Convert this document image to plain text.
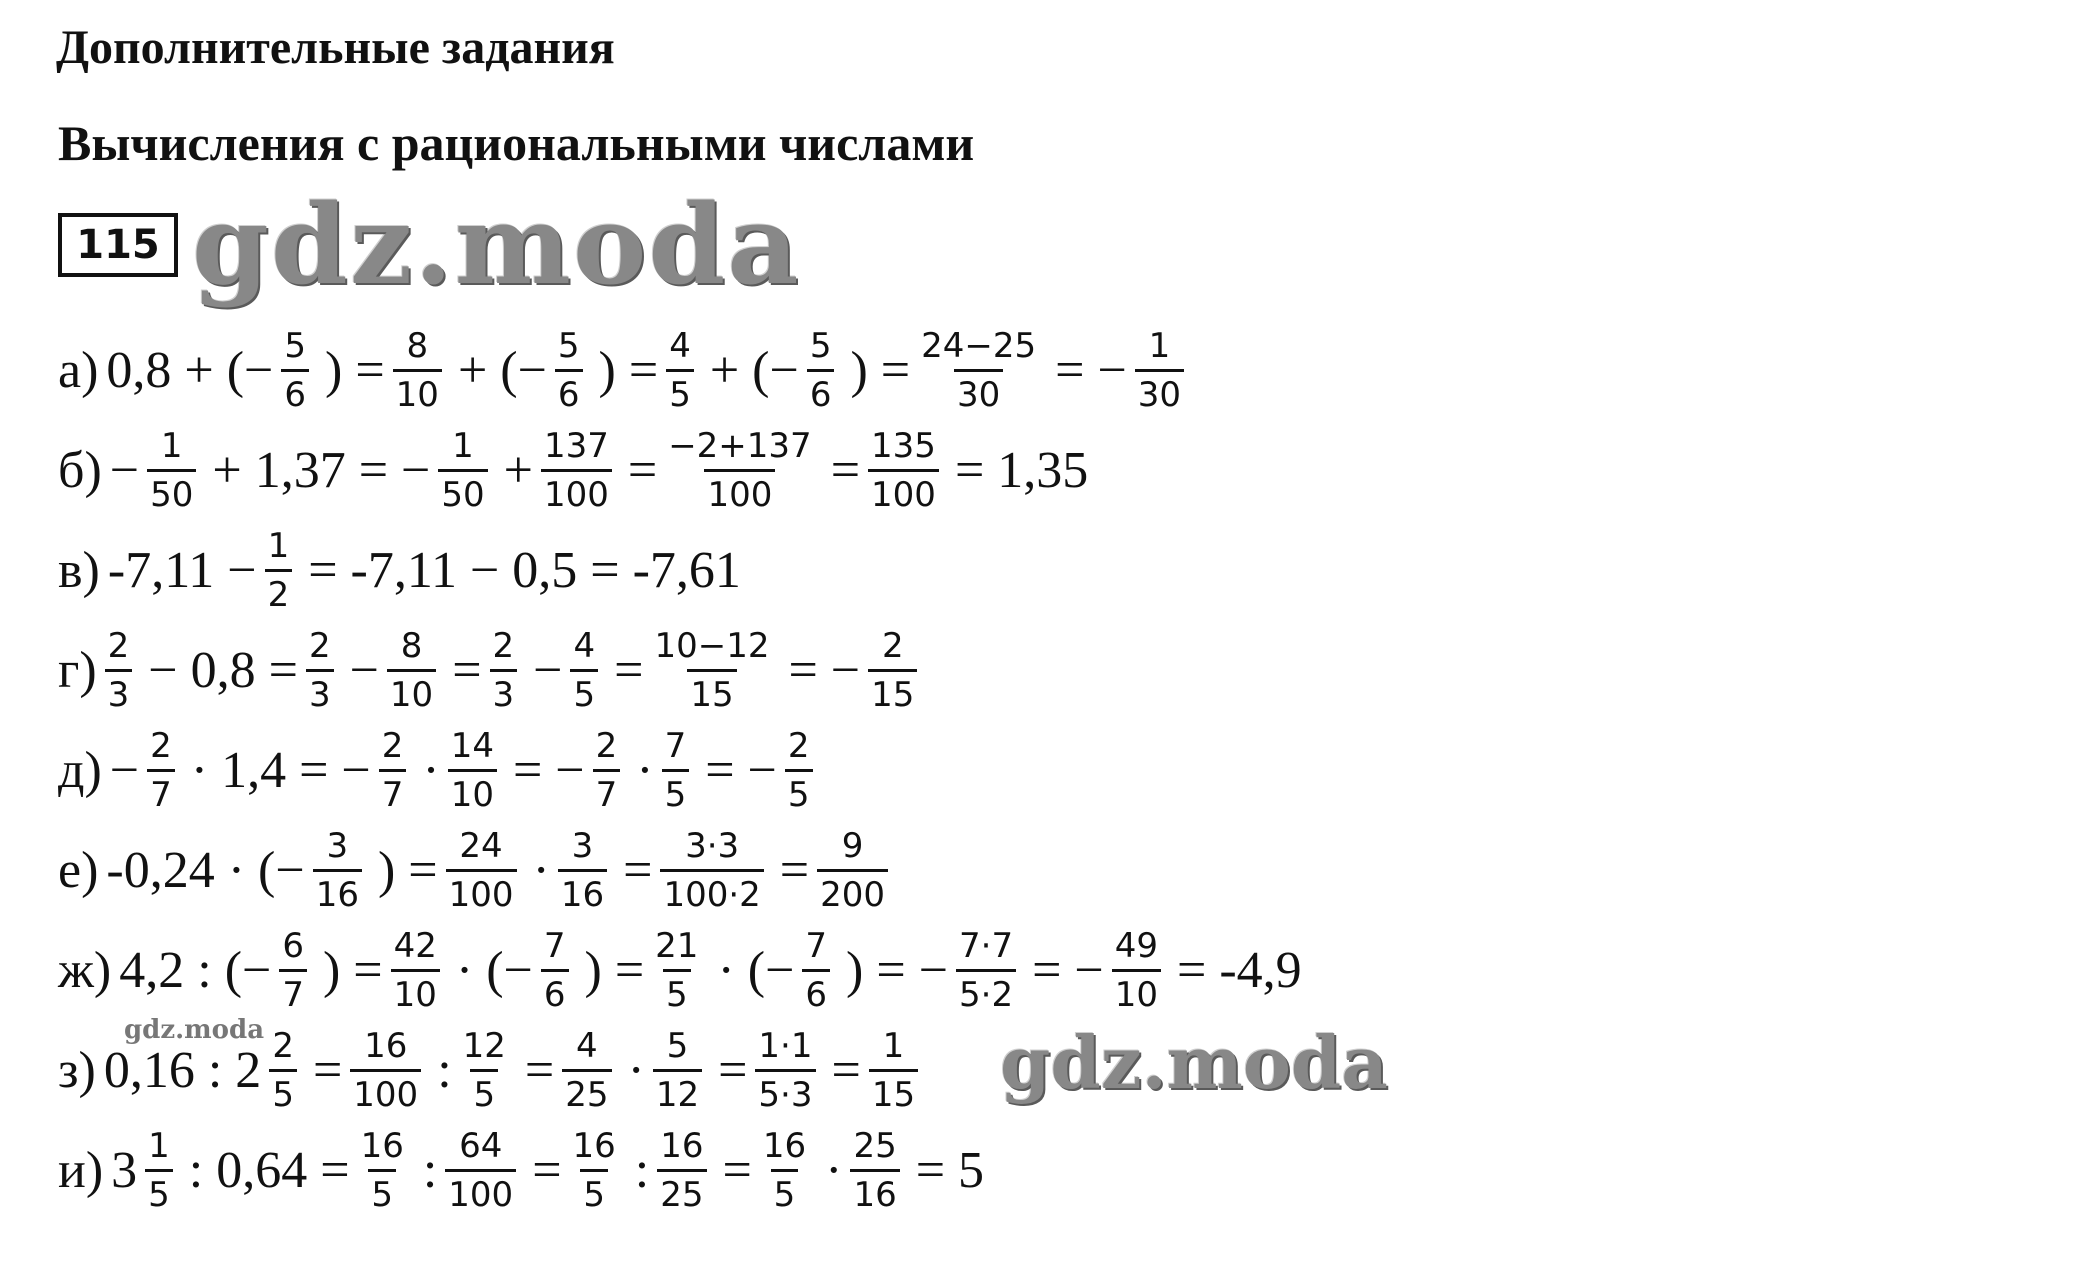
Дополнительные задания
Вычисления с рациональными числами
115 gdz.moda
gdz.moda	gdz.moda
а) 0,8 + (− $\frac{5}{6}$ ) = $\frac{8}{10}$ + (− $\frac{5}{6}$ ) = $\frac{4}{5}$ + (− $\frac{5}{6}$ ) = $\frac{24-25}{30}$ = − $\frac{1}{30}$
$б) - \frac{1}{50} + 1,37$ = − $\frac{1}{50} + \frac{137}{100} = \frac{-2+137}{100} = \frac{135}{100} = 1,35$
в) $-7,11 - \frac{1}{2} = -7,11 - 0,5 = -7,61$
$г) \frac{2}{3} - 0,8 = \frac{2}{3} - \frac{8}{10} = \frac{2}{3} - \frac{4}{5} = \frac{10-12}{15}$ = − $\frac{2}{15}$
$д) - \frac{2}{7} \cdot 1,4$ = − $\frac{2}{7} \cdot \frac{14}{10}$ = − $\frac{2}{7} \cdot \frac{7}{5}$ = − $\frac{2}{5}$
е) -0,24 · (− $\frac{3}{16}$ ) = $\frac{24}{100} \cdot \frac{3}{16} = \frac{3\cdot 3}{100\cdot 2} = \frac{9}{200}$
ж) 4,2 : (− $\frac{6}{7}$ ) = $\frac{42}{10}$ · (− $\frac{7}{6}$ ) = $\frac{21}{5}$ · (− $\frac{7}{6}$ ) = − $\frac{7\cdot 7}{5\cdot 2}$ = − $\frac{49}{10} = -4,9$
з) 0,16 : $2 \frac{2}{5} = \frac{16}{100}$ : $\frac{12}{5} = \frac{4}{25} \cdot \frac{5}{12} = \frac{1\cdot 1}{5\cdot 3} = \frac{1}{15}$
и) $3 \frac{1}{5}$ : $0,64 = \frac{16}{5}$ : $\frac{64}{100} = \frac{16}{5}$ : $\frac{16}{25} = \frac{16}{5} \cdot \frac{25}{16} = 5$
